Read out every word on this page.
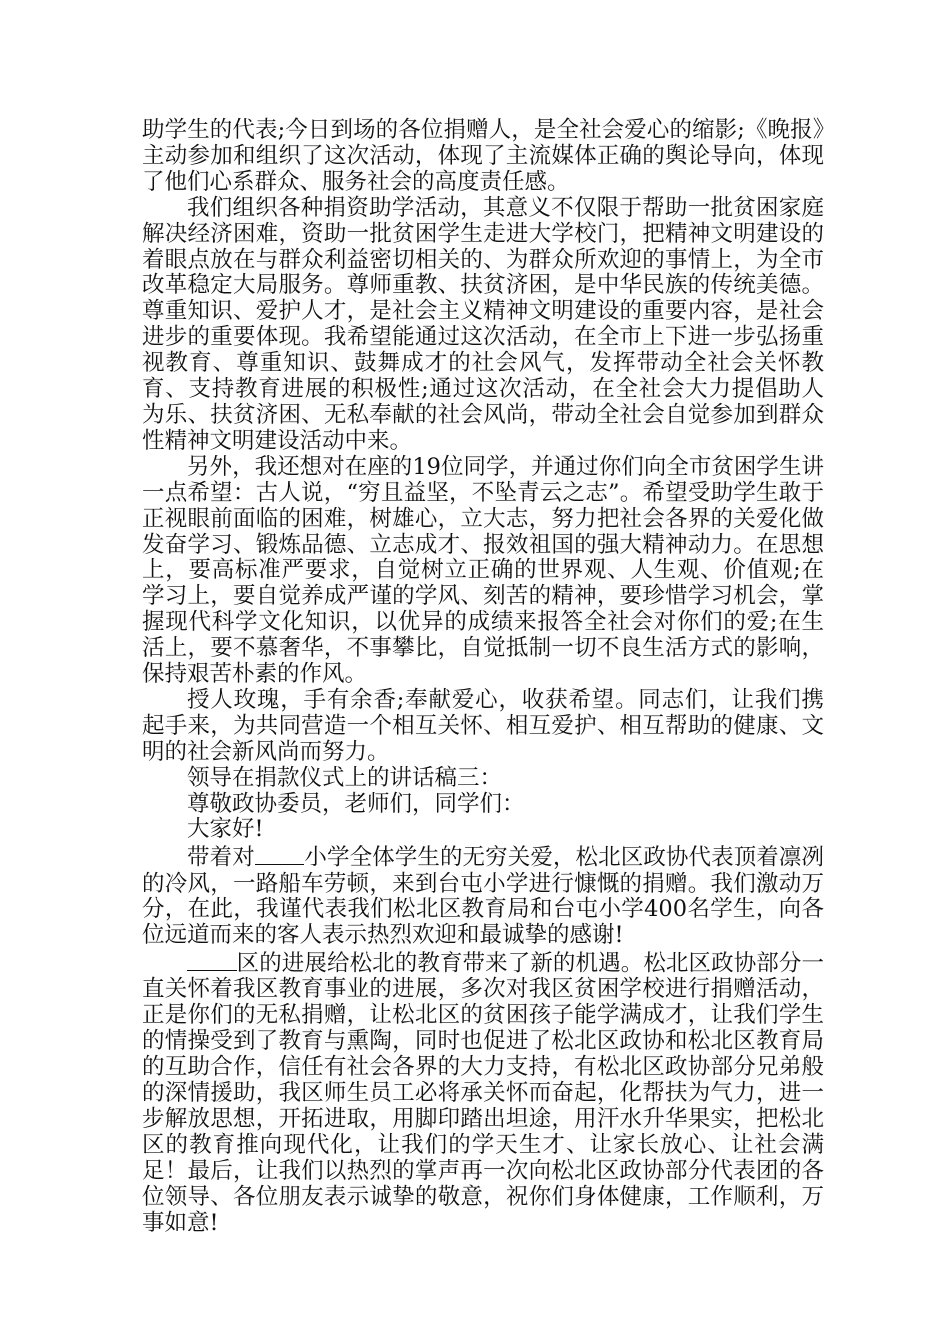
助学生的代表;今日到场的各位捐赠人，是全社会爱心的缩影;《晚报》主动参加和组织了这次活动，体现了主流媒体正确的舆论导向，体现了他们心系群众、服务社会的高度责任感。

我们组织各种捐资助学活动，其意义不仅限于帮助一批贫困家庭解决经济困难，资助一批贫困学生走进大学校门，把精神文明建设的着眼点放在与群众利益密切相关的、为群众所欢迎的事情上，为全市改革稳定大局服务。尊师重教、扶贫济困，是中华民族的传统美德。尊重知识、爱护人才，是社会主义精神文明建设的重要内容，是社会进步的重要体现。我希望能通过这次活动，在全市上下进一步弘扬重视教育、尊重知识、鼓舞成才的社会风气，发挥带动全社会关怀教育、支持教育进展的积极性;通过这次活动，在全社会大力提倡助人为乐、扶贫济困、无私奉献的社会风尚，带动全社会自觉参加到群众性精神文明建设活动中来。

另外，我还想对在座的19位同学，并通过你们向全市贫困学生讲一点希望：古人说，“穷且益坚，不坠青云之志”。希望受助学生敢于正视眼前面临的困难，树雄心，立大志，努力把社会各界的关爱化做发奋学习、锻炼品德、立志成才、报效祖国的强大精神动力。在思想上，要高标准严要求，自觉树立正确的世界观、人生观、价值观;在学习上，要自觉养成严谨的学风、刻苦的精神，要珍惜学习机会，掌握现代科学文化知识，以优异的成绩来报答全社会对你们的爱;在生活上，要不慕奢华，不事攀比，自觉抵制一切不良生活方式的影响，保持艰苦朴素的作风。

授人玫瑰，手有余香;奉献爱心，收获希望。同志们，让我们携起手来，为共同营造一个相互关怀、相互爱护、相互帮助的健康、文明的社会新风尚而努力。

领导在捐款仪式上的讲话稿三：

尊敬政协委员，老师们，同学们：

大家好!

带着对 小学全体学生的无穷关爱，松北区政协代表顶着凛冽的冷风，一路船车劳顿，来到台屯小学进行慷慨的捐赠。我们激动万分，在此，我谨代表我们松北区教育局和台屯小学400名学生，向各位远道而来的客人表示热烈欢迎和最诚挚的感谢!

区的进展给松北的教育带来了新的机遇。松北区政协部分一直关怀着我区教育事业的进展，多次对我区贫困学校进行捐赠活动，正是你们的无私捐赠，让松北区的贫困孩子能学满成才，让我们学生的情操受到了教育与熏陶，同时也促进了松北区政协和松北区教育局的互助合作，信任有社会各界的大力支持，有松北区政协部分兄弟般的深情援助，我区师生员工必将承关怀而奋起，化帮扶为气力，进一步解放思想，开拓进取，用脚印踏出坦途，用汗水升华果实，把松北区的教育推向现代化，让我们的学天生才、让家长放心、让社会满足！最后，让我们以热烈的掌声再一次向松北区政协部分代表团的各位领导、各位朋友表示诚挚的敬意，祝你们身体健康，工作顺利，万事如意!
